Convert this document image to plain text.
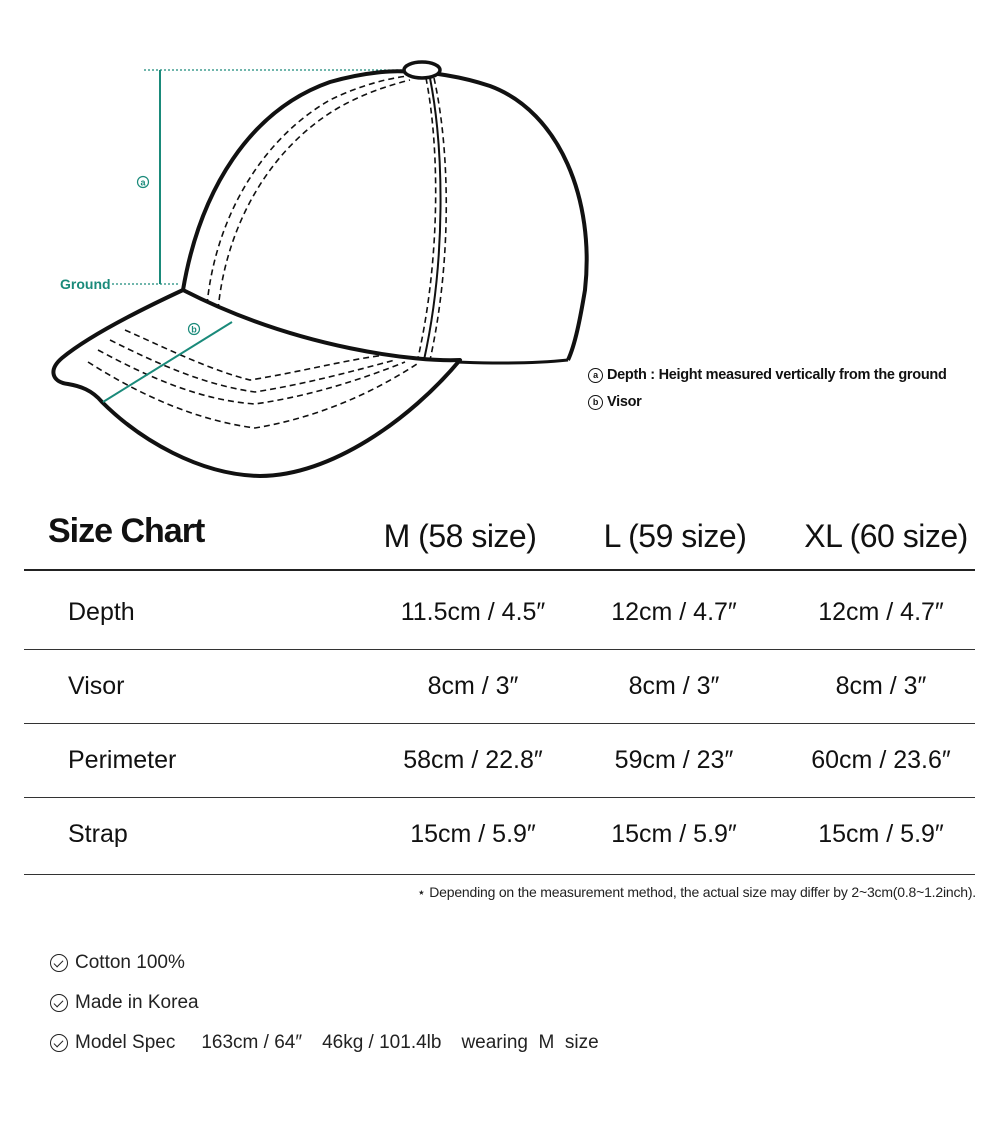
a
Ground
b
a Depth : Height measured vertically from the ground
b Visor
Size Chart	M (58 size)	L (59 size)	XL (60 size)
Depth	11.5cm / 4.5″	12cm / 4.7″	12cm / 4.7″
Visor	8cm / 3″	8cm / 3″	8cm / 3″
Perimeter	58cm / 22.8″	59cm / 23″	60cm / 23.6″
Strap	15cm / 5.9″	15cm / 5.9″	15cm / 5.9″
⋆ Depending on the measurement method, the actual size may differ by 2~3cm(0.8~1.2inch).
Cotton 100%
Made in Korea
Model Spec 163cm / 64″ 46kg / 101.4lb wearing  M  size
